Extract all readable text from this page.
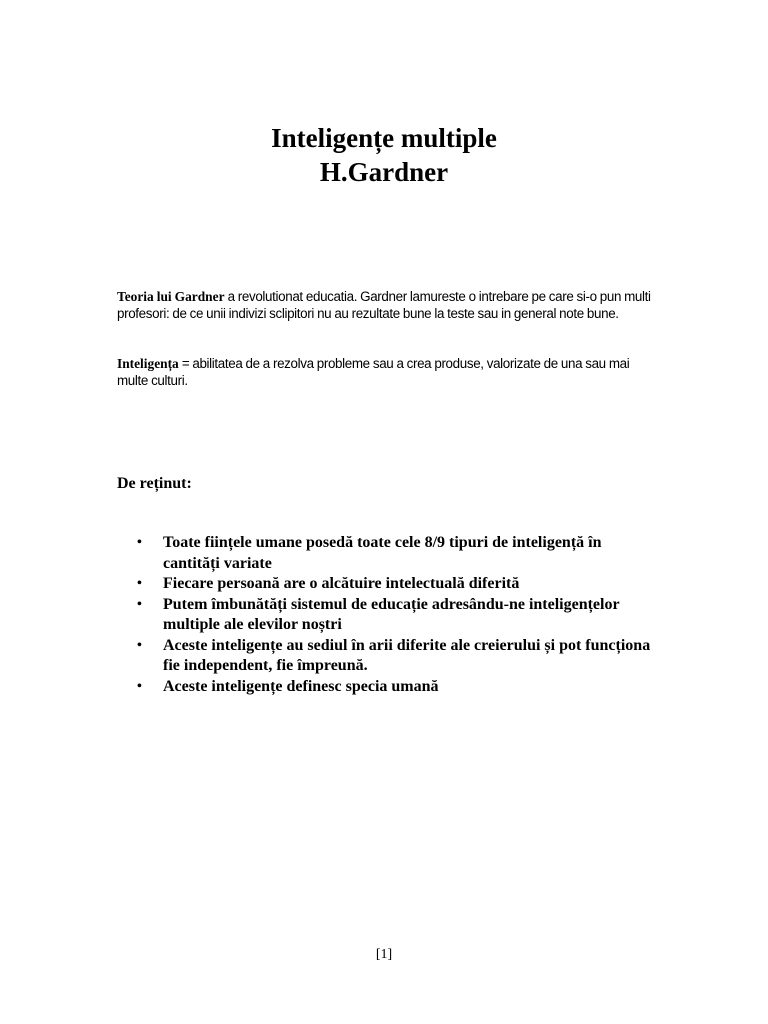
Inteligențe multiple
H.Gardner
Teoria lui Gardner a revolutionat educatia. Gardner lamureste o intrebare pe care si-o pun multi profesori: de ce unii indivizi sclipitori nu au rezultate bune la teste sau in general note bune.
Inteligența = abilitatea de a rezolva probleme sau a crea produse, valorizate de una sau mai multe culturi.
De reținut:
• Toate ființele umane posedă toate cele 8/9 tipuri de inteligență în cantități variate
• Fiecare persoană are o alcătuire intelectuală diferită
• Putem îmbunătăți sistemul de educație adresându-ne inteligențelor multiple ale elevilor noștri
• Aceste inteligențe au sediul în arii diferite ale creierului și pot funcționa fie independent, fie împreună.
• Aceste inteligențe definesc specia umană
[1]
